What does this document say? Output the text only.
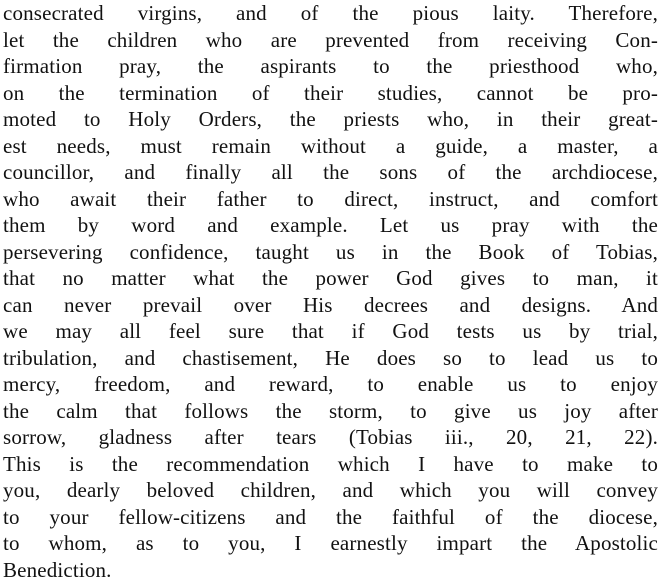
consecrated virgins, and of the pious laity. Therefore,
let the children who are prevented from receiving Con-
firmation pray, the aspirants to the priesthood who,
on the termination of their studies, cannot be pro-
moted to Holy Orders, the priests who, in their great-
est needs, must remain without a guide, a master, a
councillor, and finally all the sons of the archdiocese,
who await their father to direct, instruct, and comfort
them by word and example. Let us pray with the
persevering confidence, taught us in the Book of Tobias,
that no matter what the power God gives to man, it
can never prevail over His decrees and designs. And
we may all feel sure that if God tests us by trial,
tribulation, and chastisement, He does so to lead us to
mercy, freedom, and reward, to enable us to enjoy
the calm that follows the storm, to give us joy after
sorrow, gladness after tears (Tobias iii., 20, 21, 22).
This is the recommendation which I have to make to
you, dearly beloved children, and which you will convey
to your fellow-citizens and the faithful of the diocese,
to whom, as to you, I earnestly impart the Apostolic
Benediction.
